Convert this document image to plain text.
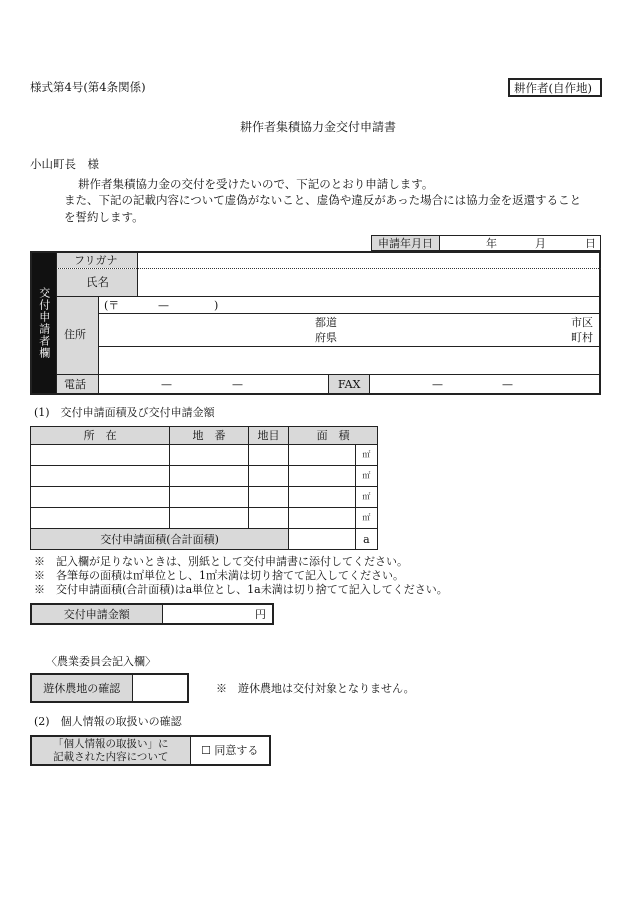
様式第4号(第4条関係)	耕作者(自作地)
耕作者集積協力金交付申請書
小山町長　様
耕作者集積協力金の交付を受けたいので、下記のとおり申請します。
また、下記の記載内容について虚偽がないこと、虚偽や違反があった場合には協力金を返還すること
を誓約します。
申請年月日	年	月	日
交付申請者欄
フリガナ
氏名
住所
(〒	—	)
都道
府県
市区
町村
電話	—	—	FAX	—	—
(1)　交付申請面積及び交付申請金額
所　在	地　番	地目	面　積	
				㎡
				㎡
				㎡
				㎡
交付申請面積(合計面積)				a
※　記入欄が足りないときは、別紙として交付申請書に添付してください。
※　各筆毎の面積は㎡単位とし、1㎡未満は切り捨てて記入してください。
※　交付申請面積(合計面積)はa単位とし、1a未満は切り捨てて記入してください。
交付申請金額	円
〈農業委員会記入欄〉
遊休農地の確認		※　遊休農地は交付対象となりません。
(2)　個人情報の取扱いの確認
「個人情報の取扱い」に
記載された内容について	☐ 同意する
